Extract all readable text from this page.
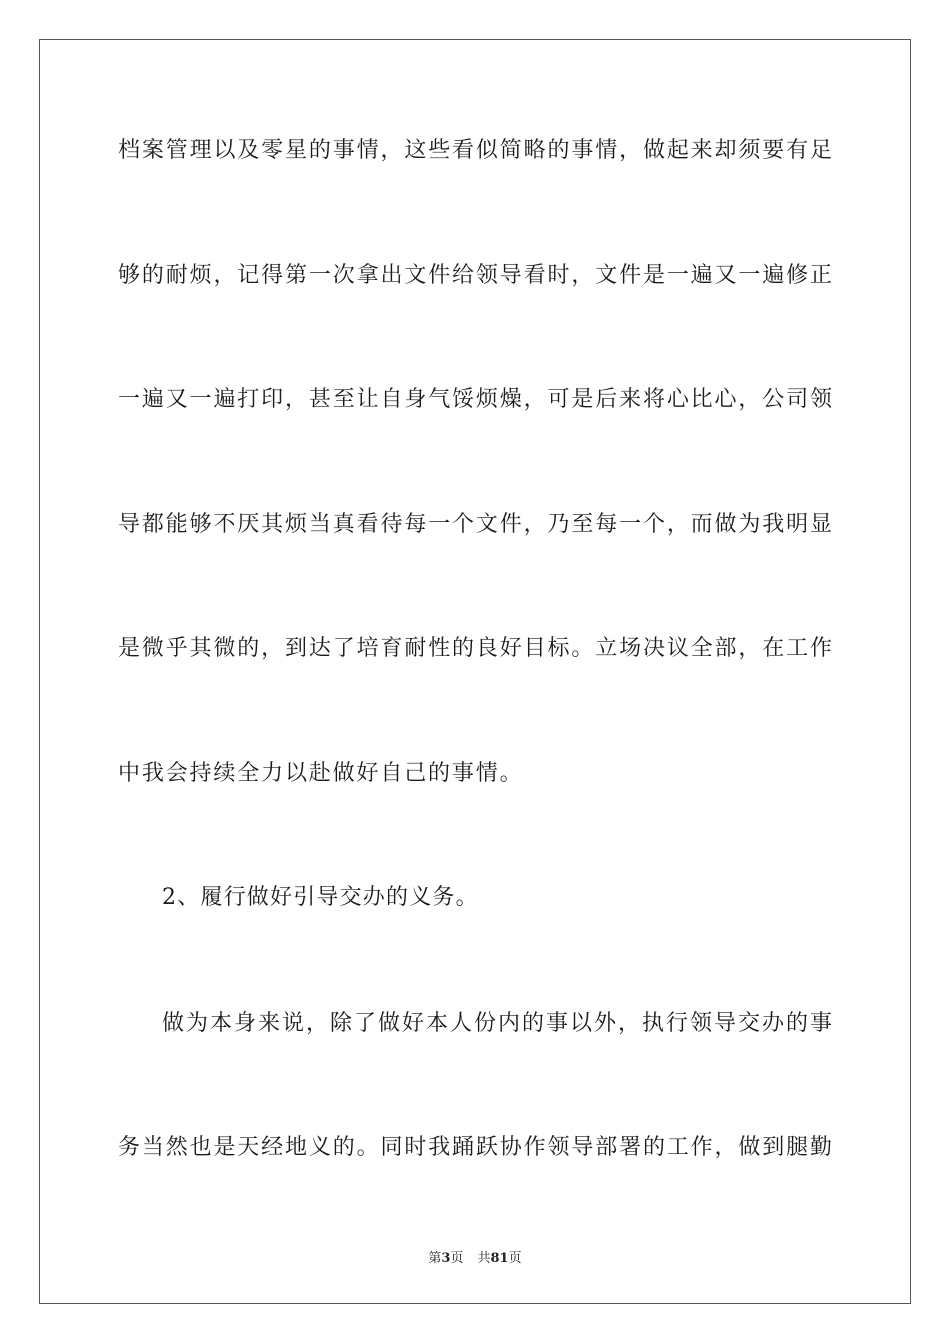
档案管理以及零星的事情，这些看似简略的事情，做起来却须要有足
够的耐烦，记得第一次拿出文件给领导看时，文件是一遍又一遍修正
一遍又一遍打印，甚至让自身气馁烦燥，可是后来将心比心，公司领
导都能够不厌其烦当真看待每一个文件，乃至每一个，而做为我明显
是微乎其微的，到达了培育耐性的良好目标。立场决议全部，在工作
中我会持续全力以赴做好自己的事情。
2、履行做好引导交办的义务。
做为本身来说，除了做好本人份内的事以外，执行领导交办的事
务当然也是天经地义的。同时我踊跃协作领导部署的工作，做到腿勤
第3页 共81页
